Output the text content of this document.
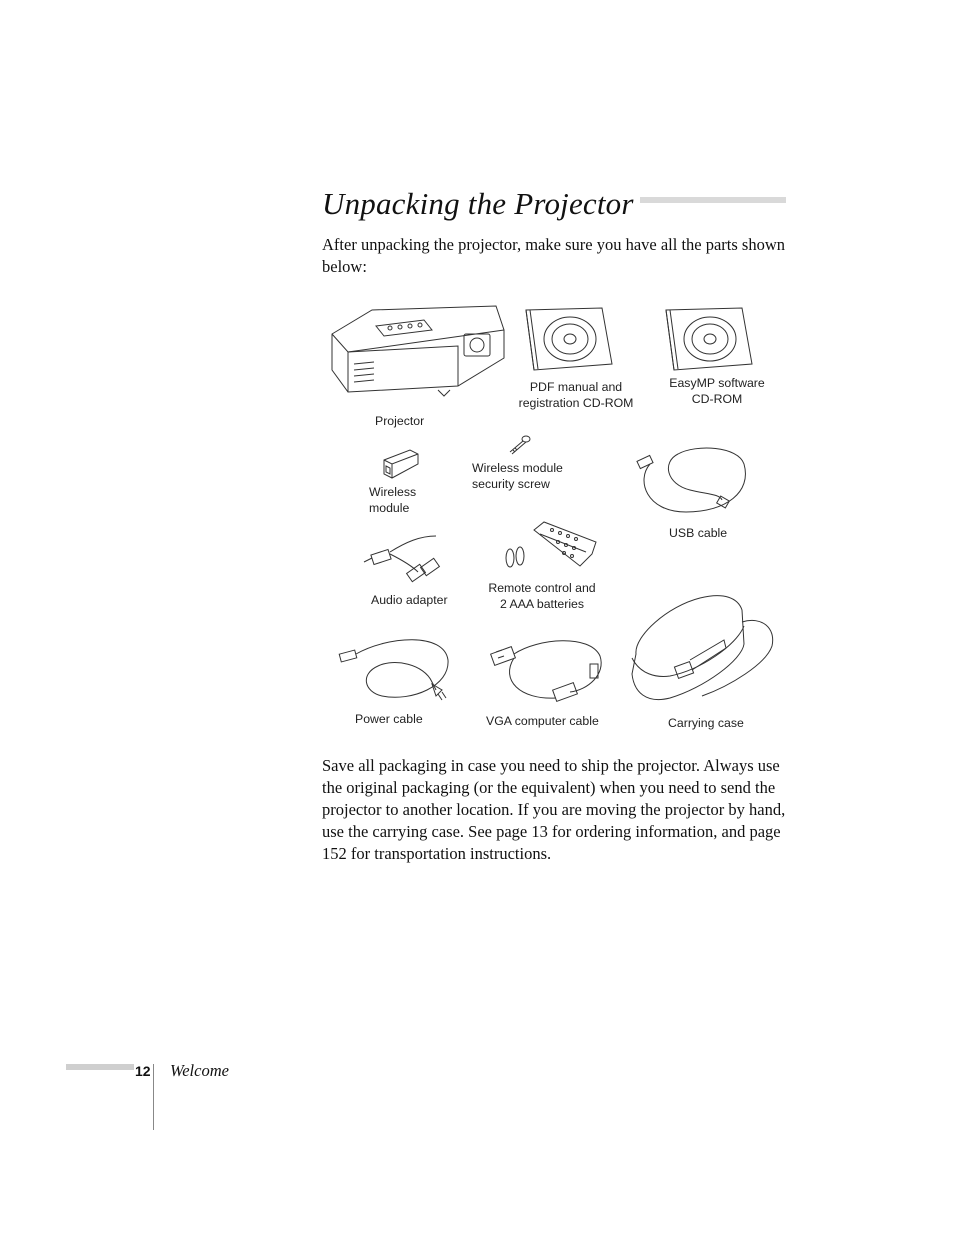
Unpacking the Projector

After unpacking the projector, make sure you have all the parts shown below:

Projector
PDF manual and
registration CD-ROM
EasyMP software
CD-ROM
Wireless
module
Wireless module
security screw
USB cable
Audio adapter
Remote control and
2 AAA batteries
Power cable	VGA computer cable	Carrying case

Save all packaging in case you need to ship the projector. Always use the original packaging (or the equivalent) when you need to send the projector to another location. If you are moving the projector by hand, use the carrying case. See page 13 for ordering information, and page 152 for transportation instructions.

12 Welcome
